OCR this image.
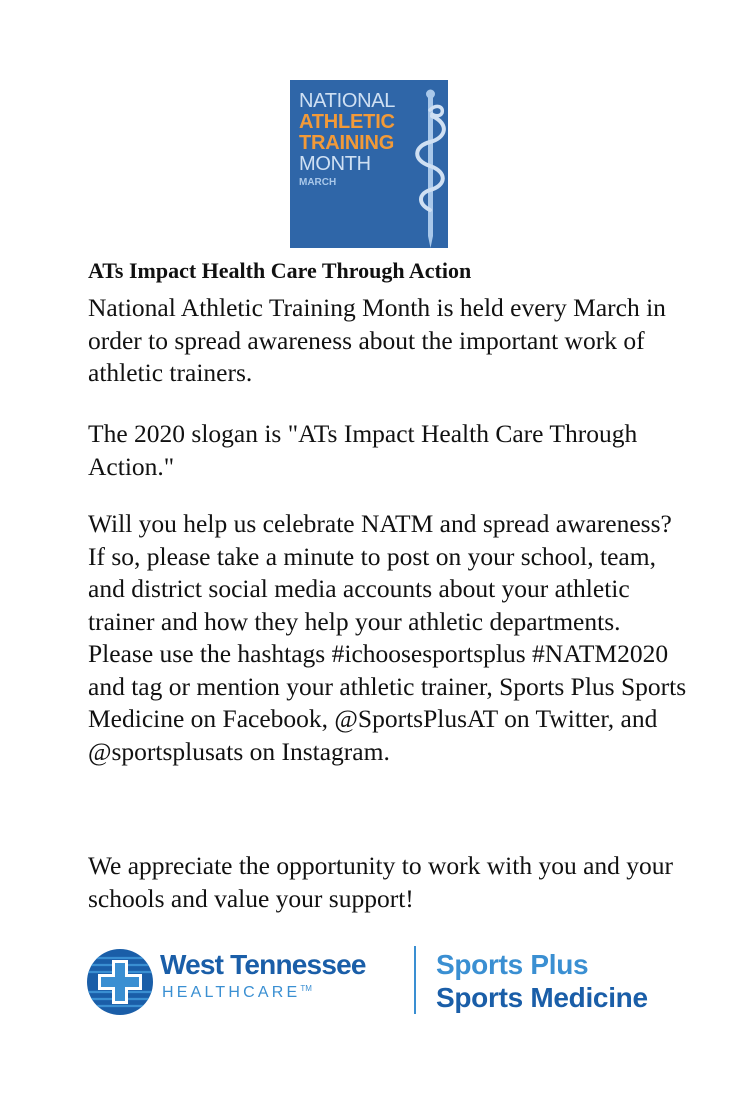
NATIONAL
ATHLETIC
TRAINING
MONTH
MARCH
ATs Impact Health Care Through Action

National Athletic Training Month is held every March in order to spread awareness about the important work of athletic trainers.

The 2020 slogan is "ATs Impact Health Care Through Action."

Will you help us celebrate NATM and spread awareness? If so, please take a minute to post on your school, team, and district social media accounts about your athletic trainer and how they help your athletic departments. Please use the hashtags #ichoosesportsplus #NATM2020 and tag or mention your athletic trainer, Sports Plus Sports Medicine on Facebook, @SportsPlusAT on Twitter, and @sportsplusats on Instagram.

We appreciate the opportunity to work with you and your schools and value your support!

West Tennessee
HEALTHCARE™
Sports Plus
Sports Medicine
